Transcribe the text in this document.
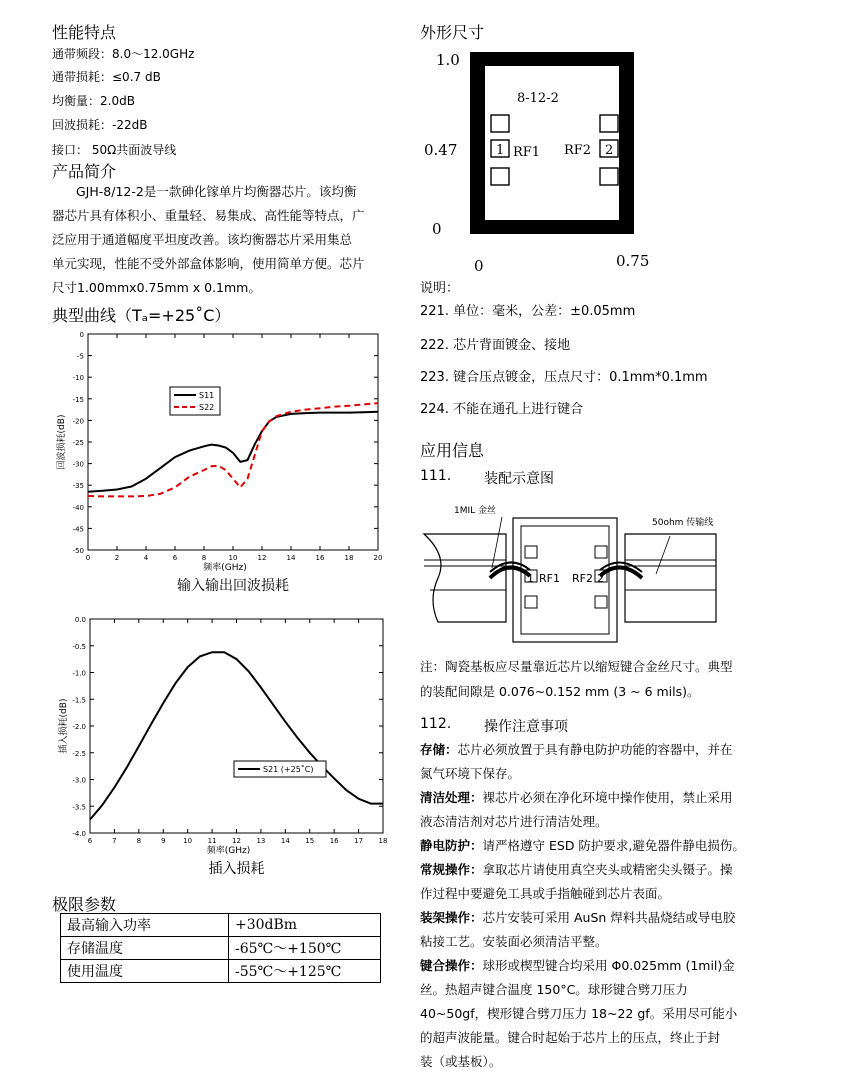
性能特点
通带频段：8.0～12.0GHz
通带损耗：≤0.7 dB
均衡量：2.0dB
回波损耗：-22dB
接口： 50Ω共面波导线
产品简介
GJH-8/12-2是一款砷化镓单片均衡器芯片。该均衡
器芯片具有体积小、重量轻、易集成、高性能等特点，广
泛应用于通道幅度平坦度改善。该均衡器芯片采用集总
单元实现，性能不受外部盒体影响，使用简单方便。芯片
尺寸1.00mmx0.75mm x 0.1mm。
典型曲线（Tₐ=+25˚C）
0
-5
-10
-15
-20
-25
-30
-35
-40
-45
-50
0	2	4	6	8	10	12	14	16	18	20
频率(GHz)
回波损耗(dB)
输入输出回波损耗
S11
S22
0.0
-0.5
-1.0
-1.5
-2.0
-2.5
-3.0
-3.5
-4.0
6	7	8	9	10 11 12 13 14 15 16 17 18
频率(GHz)
插入损耗(dB)
插入损耗
S21 (+25˚C)
极限参数
最高输入功率	+30dBm
存储温度	-65℃～+150℃
使用温度	-55℃～+125℃
外形尺寸
1.0
0.47
0
0	0.75
8-12-2
1 RF1 RF2 2
说明：
221. 单位：毫米，公差：±0.05mm
222. 芯片背面镀金、接地
223. 键合压点镀金，压点尺寸：0.1mm*0.1mm
224. 不能在通孔上进行键合
应用信息
111. 装配示意图
1MIL 金丝
50ohm 传输线
1 RF1 RF2 2
注：陶瓷基板应尽量靠近芯片以缩短键合金丝尺寸。典型
的装配间隙是 0.076~0.152 mm (3 ~ 6 mils)。
112. 操作注意事项
存储：芯片必须放置于具有静电防护功能的容器中，并在
氮气环境下保存。
清洁处理：裸芯片必须在净化环境中操作使用，禁止采用
液态清洁剂对芯片进行清洁处理。
静电防护：请严格遵守 ESD 防护要求,避免器件静电损伤。
常规操作：拿取芯片请使用真空夹头或精密尖头镊子。操
作过程中要避免工具或手指触碰到芯片表面。
装架操作：芯片安装可采用 AuSn 焊料共晶烧结或导电胶
粘接工艺。安装面必须清洁平整。
键合操作：球形或楔型键合均采用 Φ0.025mm (1mil)金
丝。热超声键合温度 150°C。球形键合劈刀压力
40~50gf，楔形键合劈刀压力 18~22 gf。采用尽可能小
的超声波能量。键合时起始于芯片上的压点，终止于封
装（或基板）。
